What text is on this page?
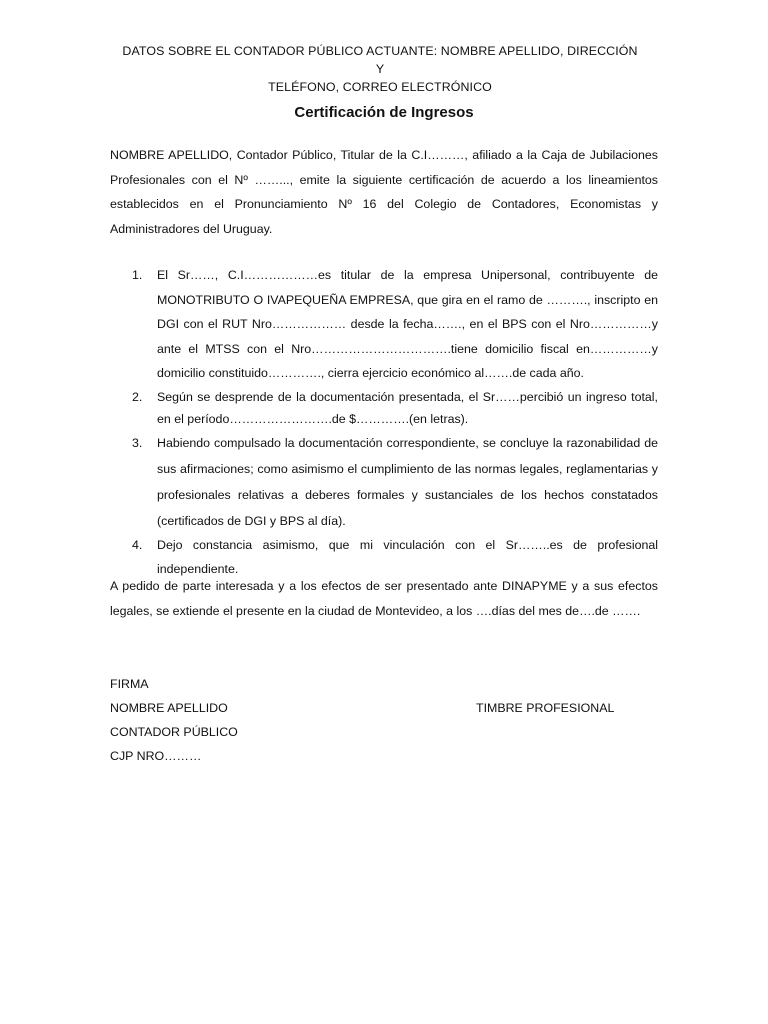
DATOS SOBRE EL CONTADOR PÚBLICO ACTUANTE: NOMBRE APELLIDO, DIRECCIÓN Y
TELÉFONO, CORREO ELECTRÓNICO
Certificación de Ingresos
NOMBRE APELLIDO, Contador Público, Titular de la C.I………, afiliado a la Caja de Jubilaciones Profesionales con el Nº ……..., emite la siguiente certificación de acuerdo a los lineamientos establecidos en el Pronunciamiento Nº 16 del Colegio de Contadores, Economistas y Administradores del Uruguay.
1. El Sr……, C.I………………es titular de la empresa Unipersonal, contribuyente de MONOTRIBUTO O IVAPEQUEÑA EMPRESA, que gira en el ramo de ………., inscripto en DGI con el RUT Nro……………… desde la fecha……., en el BPS con el Nro……………y ante el MTSS con el Nro…………………………….tiene domicilio fiscal en……………y domicilio constituido…………., cierra ejercicio económico al…….de cada año.
2. Según se desprende de la documentación presentada, el Sr……percibió un ingreso total, en el período…………………….de $………….(en letras).
3. Habiendo compulsado la documentación correspondiente, se concluye la razonabilidad de sus afirmaciones; como asimismo el cumplimiento de las normas legales, reglamentarias y profesionales relativas a deberes formales y sustanciales de los hechos constatados (certificados de DGI y BPS al día).
4. Dejo constancia asimismo, que mi vinculación con el Sr……..es de profesional independiente.
A pedido de parte interesada y a los efectos de ser presentado ante DINAPYME y a sus efectos legales, se extiende el presente en la ciudad de Montevideo, a los ….días del mes de….de …….
FIRMA
NOMBRE APELLIDO
CONTADOR PÚBLICO
CJP NRO………
TIMBRE PROFESIONAL
